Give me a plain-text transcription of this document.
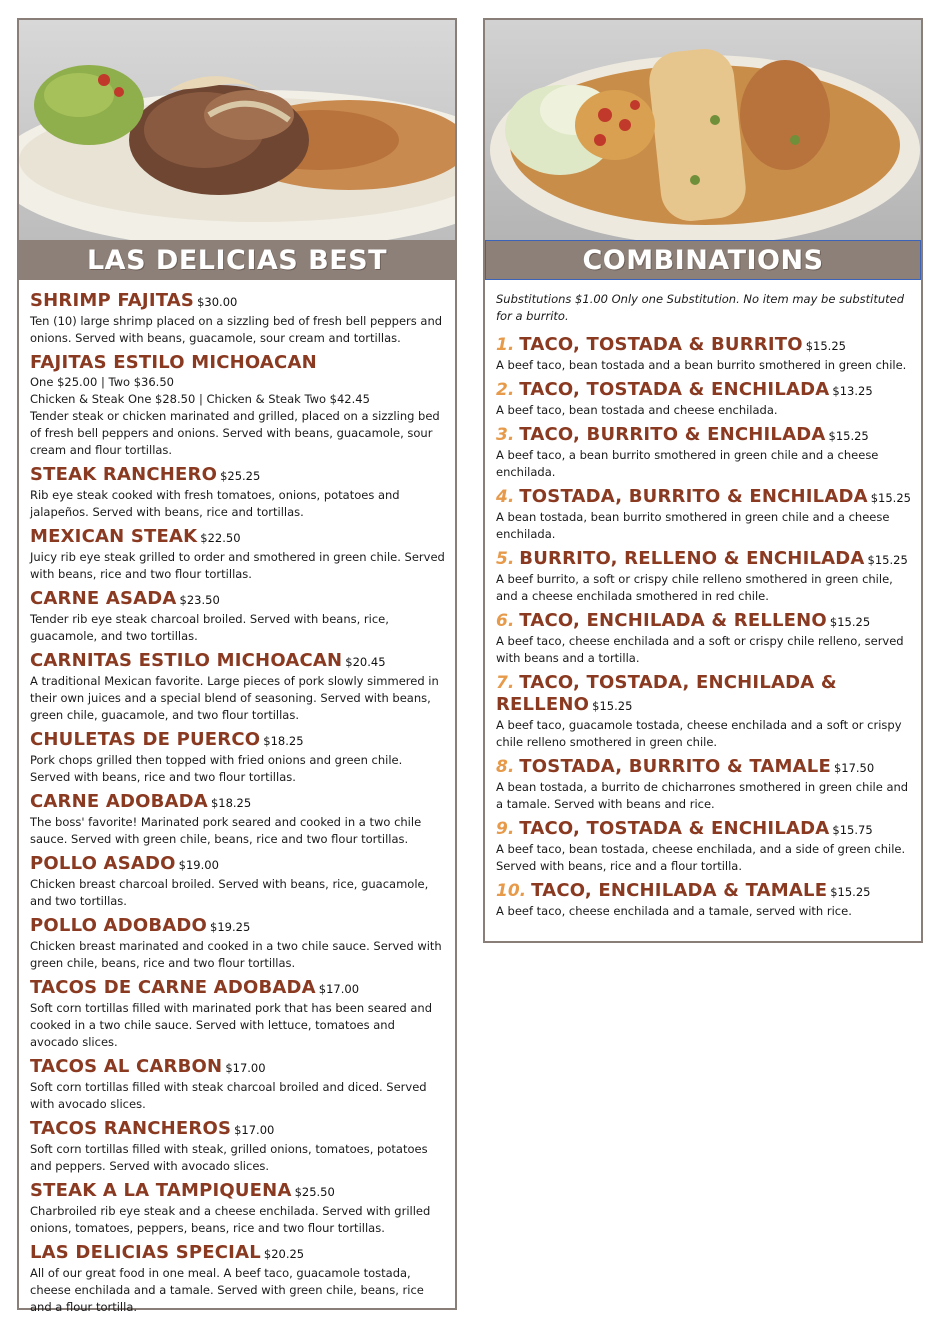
LAS DELICIAS BEST
SHRIMP FAJITAS $30.00
Ten (10) large shrimp placed on a sizzling bed of fresh bell peppers and onions. Served with beans, guacamole, sour cream and tortillas.
FAJITAS ESTILO MICHOACAN
One $25.00 | Two $36.50
Chicken & Steak One $28.50 | Chicken & Steak Two $42.45
Tender steak or chicken marinated and grilled, placed on a sizzling bed of fresh bell peppers and onions. Served with beans, guacamole, sour cream and flour tortillas.
STEAK RANCHERO $25.25
Rib eye steak cooked with fresh tomatoes, onions, potatoes and jalapeños. Served with beans, rice and tortillas.
MEXICAN STEAK $22.50
Juicy rib eye steak grilled to order and smothered in green chile. Served with beans, rice and two flour tortillas.
CARNE ASADA $23.50
Tender rib eye steak charcoal broiled. Served with beans, rice, guacamole, and two tortillas.
CARNITAS ESTILO MICHOACAN $20.45
A traditional Mexican favorite. Large pieces of pork slowly simmered in their own juices and a special blend of seasoning. Served with beans, green chile, guacamole, and two flour tortillas.
CHULETAS DE PUERCO $18.25
Pork chops grilled then topped with fried onions and green chile. Served with beans, rice and two flour tortillas.
CARNE ADOBADA $18.25
The boss' favorite! Marinated pork seared and cooked in a two chile sauce. Served with green chile, beans, rice and two flour tortillas.
POLLO ASADO $19.00
Chicken breast charcoal broiled. Served with beans, rice, guacamole, and two tortillas.
POLLO ADOBADO $19.25
Chicken breast marinated and cooked in a two chile sauce. Served with green chile, beans, rice and two flour tortillas.
TACOS DE CARNE ADOBADA $17.00
Soft corn tortillas filled with marinated pork that has been seared and cooked in a two chile sauce. Served with lettuce, tomatoes and avocado slices.
TACOS AL CARBON $17.00
Soft corn tortillas filled with steak charcoal broiled and diced. Served with avocado slices.
TACOS RANCHEROS $17.00
Soft corn tortillas filled with steak, grilled onions, tomatoes, potatoes and peppers. Served with avocado slices.
STEAK A LA TAMPIQUENA $25.50
Charbroiled rib eye steak and a cheese enchilada. Served with grilled onions, tomatoes, peppers, beans, rice and two flour tortillas.
LAS DELICIAS SPECIAL $20.25
All of our great food in one meal. A beef taco, guacamole tostada, cheese enchilada and a tamale. Served with green chile, beans, rice and a flour tortilla.
COMBINATIONS
Substitutions $1.00 Only one Substitution. No item may be substituted for a burrito.
1. TACO, TOSTADA & BURRITO $15.25
A beef taco, bean tostada and a bean burrito smothered in green chile.
2. TACO, TOSTADA & ENCHILADA $13.25
A beef taco, bean tostada and cheese enchilada.
3. TACO, BURRITO & ENCHILADA $15.25
A beef taco, a bean burrito smothered in green chile and a cheese enchilada.
4. TOSTADA, BURRITO & ENCHILADA $15.25
A bean tostada, bean burrito smothered in green chile and a cheese enchilada.
5. BURRITO, RELLENO & ENCHILADA $15.25
A beef burrito, a soft or crispy chile relleno smothered in green chile, and a cheese enchilada smothered in red chile.
6. TACO, ENCHILADA & RELLENO $15.25
A beef taco, cheese enchilada and a soft or crispy chile relleno, served with beans and a tortilla.
7. TACO, TOSTADA, ENCHILADA & RELLENO $15.25
A beef taco, guacamole tostada, cheese enchilada and a soft or crispy chile relleno smothered in green chile.
8. TOSTADA, BURRITO & TAMALE $17.50
A bean tostada, a burrito de chicharrones smothered in green chile and a tamale. Served with beans and rice.
9. TACO, TOSTADA & ENCHILADA $15.75
A beef taco, bean tostada, cheese enchilada, and a side of green chile. Served with beans, rice and a flour tortilla.
10. TACO, ENCHILADA & TAMALE $15.25
A beef taco, cheese enchilada and a tamale, served with rice.
